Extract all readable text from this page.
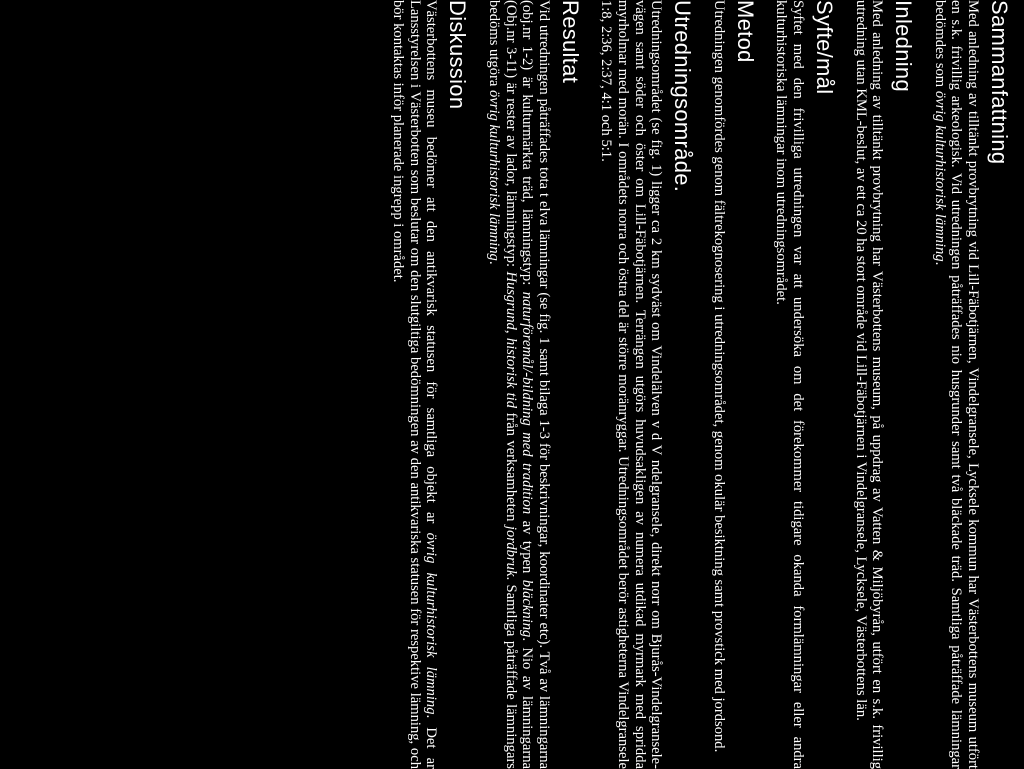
Sammanfattning

Med anledning av tilltänkt provbrytning vid Lill-Fäbotjärnen, Vindelgransele, Lycksele kommun har Västerbottens museum utfört en s.k. frivillig arkeologisk. Vid utredningen påträffades nio husgrunder samt två bläckade träd. Samtliga påträffade lämningar bedömdes som övrig kulturhistorisk lämning.

Inledning

Med anledning av tilltänkt provbrytning har Västerbottens museum, på uppdrag av Vatten & Miljöbyrån, utfört en s.k. frivillig utredning utan KML-beslut, av ett ca 20 ha stort område vid Lill-Fäbotjärnen i Vindelgransele, Lycksele, Västerbottens län.

Syfte/mål

Syftet med den frivilliga utredningen var att undersöka om det förekommer tidigare okanda formlämningar eller andra kulturhistoriska lämningar inom utredningsområdet.

Metod

Utredningen genomfördes genom fältrekognosering i utredningsområdet, genom okulär besiktning samt provstick med jordsond.

Utredningsområde.

Utredningsområdet (se fig. 1) ligger ca 2 km sydväst om Vindelälven v d V ndelgransele, direkt norr om Bjurås-Vindelgransele-vägen samt söder och öster om Lill-Fäbotjärnen. Terrängen utgörs huvudsakligen av numera utdikad myrmark med spridda myrholmar med morän. I områdets norra och östra del är större moränryggar. Utredningsområdet berör astigheterna Vindelgransele 1:8, 2:36, 2:37, 4:1 och 5:1.

Resultat

Vid utredningen påträffades tota t elva lämningar (se fig. 1 samt bilaga 1-3 för beskrivningar, koordinater etc). Två av lämningarna (obj.nr 1-2) är kulturmärkta träd, lämningstyp: naturföremål/-bildning med tradition av typen bläckning. Nio av lämningarna (Obj.nr 3-11) är rester av lador, lämningstyp: Husgrund, historisk tid från verksamheten jordbruk. Samtliga påträffade lämningars bedöms utgöra övrig kulturhistorisk lämning.

Diskussion

Västerbottens museu bedömer att den antikvarisk statusen för samtliga objekt ar övrig kulturhistorisk lämning. Det ar Lansstyrelsen i Västerbotten som beslutar om den slutgiltiga bedömningen av den antikvariska statusen för respektive lämning, och bör kontaktas inför planerade ingrepp i området.
